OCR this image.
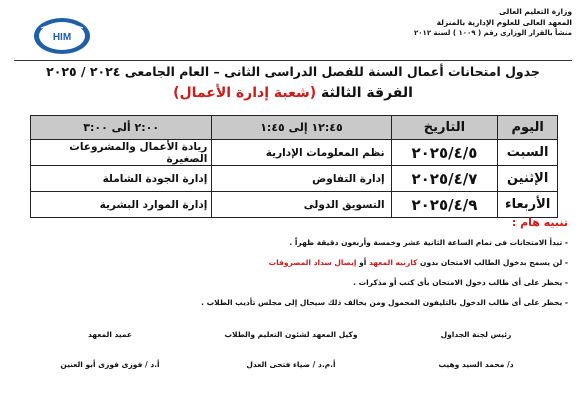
وزارة التعليم العالى
المعهد العالى للعلوم الإدارية بالمنزلة
منشأ بالقرار الوزارى رقم ( ١٠٠٩ ) لسنة ٢٠١٢
HIM
جدول امتحانات أعمال السنة للفصل الدراسى الثانى – العام الجامعى ٢٠٢٤ / ٢٠٢٥
الفرقة الثالثة (شعبة إدارة الأعمال)
اليوم
التاريخ
١٢:٤٥ إلى ١:٤٥
٢:٠٠ ألى ٣:٠٠
السبت
٢٠٢٥/٤/٥
نظم المعلومات الإدارية
ريادة الأعمال والمشروعات الصغيرة
الإثنين
٢٠٢٥/٤/٧
إدارة التفاوض
إدارة الجودة الشاملة
الأربعاء
٢٠٢٥/٤/٩
التسويق الدولى
إدارة الموارد البشرية
تنبيه هام :
- تبدأ الامتحانات فى تمام الساعة الثانية عشر وخمسة وأربعون دقيقة ظهراً .
- لن يسمح بدخول الطالب الامتحان بدون كارنيه المعهد أو إيصال سداد المصروفات
- يحظر على أى طالب دخول الامتحان بأى كتب أو مذكرات .
- يحظر على أى طالب الدخول بالتليفون المحمول ومن يخالف ذلك سيحال إلى مجلس تأديب الطلاب .
رئيس لجنة الجداول
د/ محمد السيد وهيب
وكيل المعهد لشئون التعليم والطلاب
أ.م.د / ضياء فتحى العدل
عميد المعهد
أ.د / فوزى فوزى أبو العنين
